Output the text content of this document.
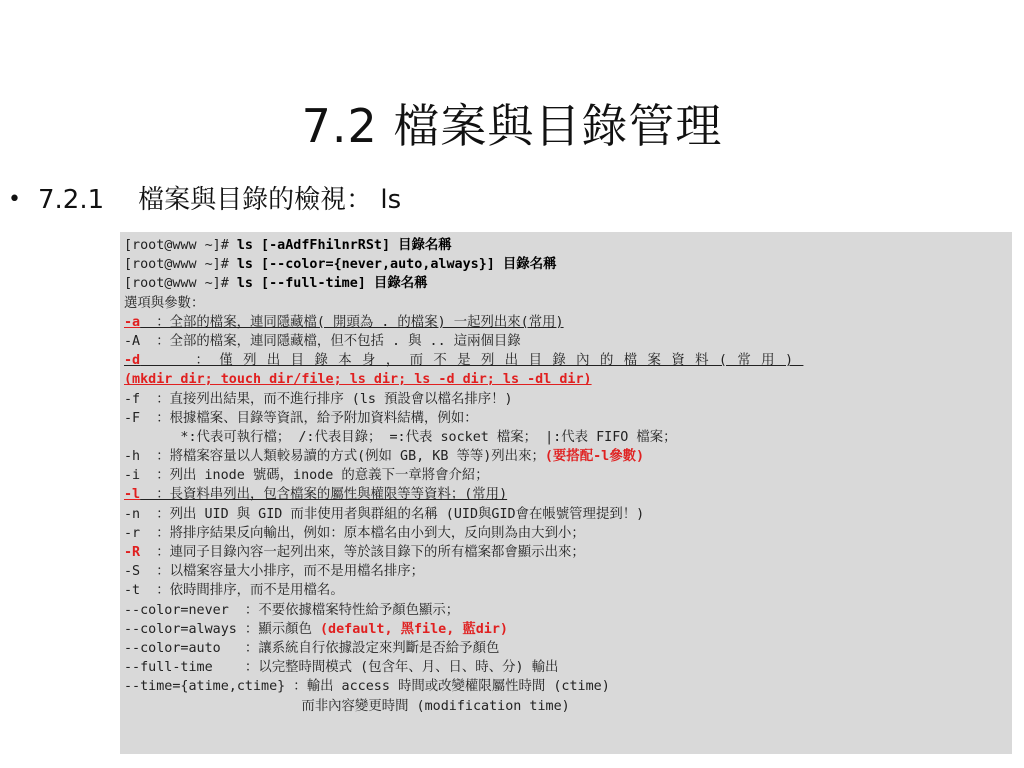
7.2 檔案與目錄管理
• 7.2.1 檔案與目錄的檢視： ls
[root@www ~]# ls [-aAdfFhilnrRSt] 目錄名稱
[root@www ~]# ls [--color={never,auto,always}] 目錄名稱
[root@www ~]# ls [--full-time] 目錄名稱
選項與參數：
-a  ：全部的檔案，連同隱藏檔( 開頭為 . 的檔案) 一起列出來(常用)
-A  ：全部的檔案，連同隱藏檔，但不包括 . 與 .. 這兩個目錄
-d   ：僅列出目錄本身，而不是列出目錄內的檔案資料(常用)
(mkdir dir; touch dir/file; ls dir; ls -d dir; ls -dl dir)
-f  ：直接列出結果，而不進行排序 (ls 預設會以檔名排序！)
-F  ：根據檔案、目錄等資訊，給予附加資料結構，例如：
*:代表可執行檔； /:代表目錄； =:代表 socket 檔案； |:代表 FIFO 檔案；
-h  ：將檔案容量以人類較易讀的方式(例如 GB, KB 等等)列出來；(要搭配-l參數)
-i  ：列出 inode 號碼，inode 的意義下一章將會介紹；
-l  ：長資料串列出，包含檔案的屬性與權限等等資料；(常用)
-n  ：列出 UID 與 GID 而非使用者與群組的名稱 (UID與GID會在帳號管理提到！)
-r  ：將排序結果反向輸出，例如：原本檔名由小到大，反向則為由大到小；
-R  ：連同子目錄內容一起列出來，等於該目錄下的所有檔案都會顯示出來；
-S  ：以檔案容量大小排序，而不是用檔名排序；
-t  ：依時間排序，而不是用檔名。
--color=never  ：不要依據檔案特性給予顏色顯示；
--color=always ：顯示顏色 (default, 黑file, 藍dir)
--color=auto   ：讓系統自行依據設定來判斷是否給予顏色
--full-time    ：以完整時間模式 (包含年、月、日、時、分) 輸出
--time={atime,ctime} ：輸出 access 時間或改變權限屬性時間 (ctime)
而非內容變更時間 (modification time)
